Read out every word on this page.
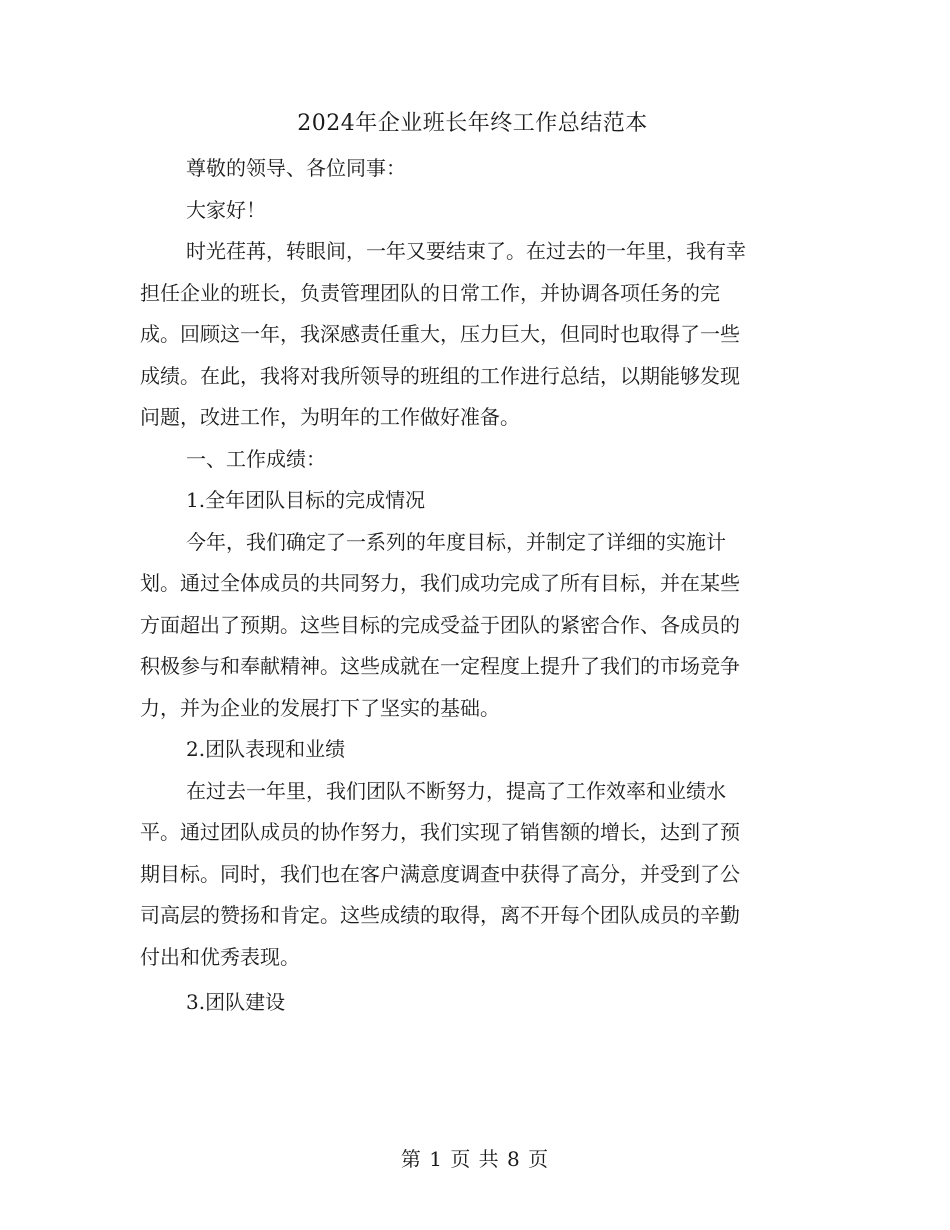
2024年企业班长年终工作总结范本
尊敬的领导、各位同事：
大家好！
时光荏苒，转眼间，一年又要结束了。在过去的一年里，我有幸
担任企业的班长，负责管理团队的日常工作，并协调各项任务的完
成。回顾这一年，我深感责任重大，压力巨大，但同时也取得了一些
成绩。在此，我将对我所领导的班组的工作进行总结，以期能够发现
问题，改进工作，为明年的工作做好准备。
一、工作成绩：
1.全年团队目标的完成情况
今年，我们确定了一系列的年度目标，并制定了详细的实施计
划。通过全体成员的共同努力，我们成功完成了所有目标，并在某些
方面超出了预期。这些目标的完成受益于团队的紧密合作、各成员的
积极参与和奉献精神。这些成就在一定程度上提升了我们的市场竞争
力，并为企业的发展打下了坚实的基础。
2.团队表现和业绩
在过去一年里，我们团队不断努力，提高了工作效率和业绩水
平。通过团队成员的协作努力，我们实现了销售额的增长，达到了预
期目标。同时，我们也在客户满意度调查中获得了高分，并受到了公
司高层的赞扬和肯定。这些成绩的取得，离不开每个团队成员的辛勤
付出和优秀表现。
3.团队建设
第 1 页 共 8 页
